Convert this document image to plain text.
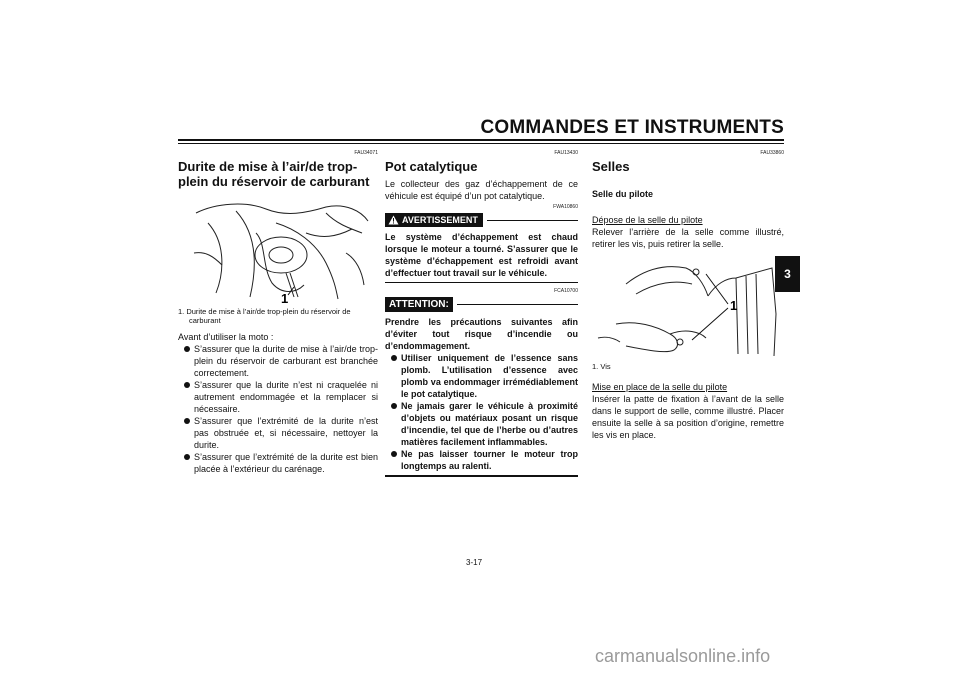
COMMANDES ET INSTRUMENTS
3
FAU34071
Durite de mise à l’air/de trop-plein du réservoir de carburant
1
1. Durite de mise à l’air/de trop-plein du réservoir de carburant

Avant d’utiliser la moto :

S’assurer que la durite de mise à l’air/de trop-plein du réservoir de carburant est branchée correctement.
S’assurer que la durite n’est ni craquelée ni autrement endommagée et la remplacer si nécessaire.
S’assurer que l’extrémité de la durite n’est pas obstruée et, si nécessaire, nettoyer la durite.
S’assurer que l’extrémité de la durite est bien placée à l’extérieur du carénage.
FAU13430
Pot catalytique

Le collecteur des gaz d’échappement de ce véhicule est équipé d’un pot catalytique.

FWA10860
AVERTISSEMENT

Le système d’échappement est chaud lorsque le moteur a tourné. S’assurer que le système d’échappement est refroidi avant d’effectuer tout travail sur le véhicule.

FCA10700
ATTENTION:

Prendre les précautions suivantes afin d’éviter tout risque d’incendie ou d’endommagement.

Utiliser uniquement de l’essence sans plomb. L’utilisation d’essence avec plomb va endommager irrémédiablement le pot catalytique.
Ne jamais garer le véhicule à proximité d’objets ou matériaux posant un risque d’incendie, tel que de l’herbe ou d’autres matières facilement inflammables.
Ne pas laisser tourner le moteur trop longtemps au ralenti.
FAU33860
Selles

Selle du pilote

Dépose de la selle du pilote

Relever l’arrière de la selle comme illustré, retirer les vis, puis retirer la selle.

1
1. Vis

Mise en place de la selle du pilote

Insérer la patte de fixation à l’avant de la selle dans le support de selle, comme illustré. Placer ensuite la selle à sa position d’origine, remettre les vis en place.

3-17
carmanualsonline.info
